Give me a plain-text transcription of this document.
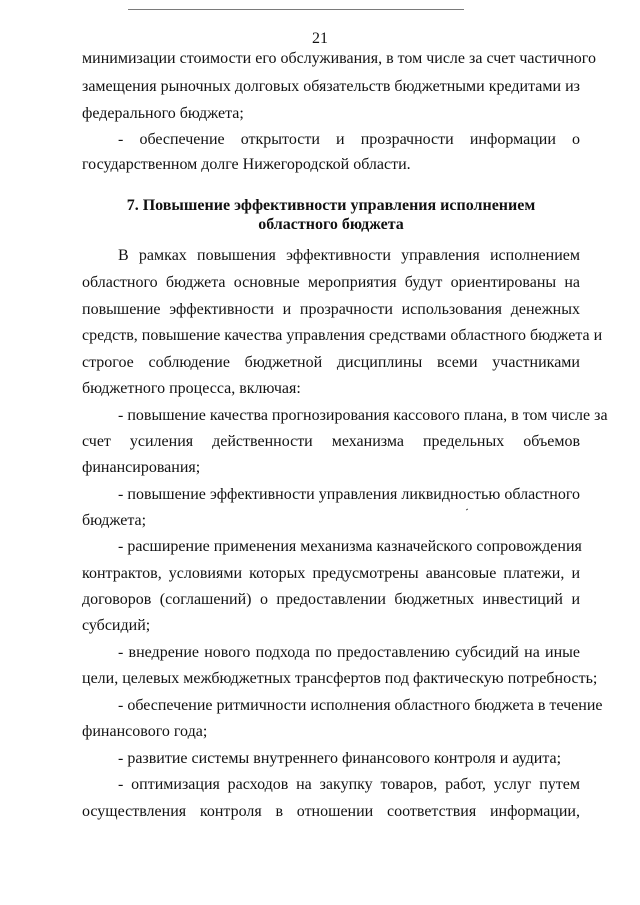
21
минимизации стоимости его обслуживания, в том числе за счет частичного
замещения рыночных долговых обязательств бюджетными кредитами из
федерального бюджета;
- обеспечение открытости и прозрачности информации о
государственном долге Нижегородской области.
7. Повышение эффективности управления исполнением
областного бюджета
В рамках повышения эффективности управления исполнением
областного бюджета основные мероприятия будут ориентированы на
повышение эффективности и прозрачности использования денежных
средств, повышение качества управления средствами областного бюджета и
строгое соблюдение бюджетной дисциплины всеми участниками
бюджетного процесса, включая:
- повышение качества прогнозирования кассового плана, в том числе за
счет усиления действенности механизма предельных объемов
финансирования;
- повышение эффективности управления ликвидностью областного
бюджета;
- расширение применения механизма казначейского сопровождения
контрактов, условиями которых предусмотрены авансовые платежи, и
договоров (соглашений) о предоставлении бюджетных инвестиций и
субсидий;
- внедрение нового подхода по предоставлению субсидий на иные
цели, целевых межбюджетных трансфертов под фактическую потребность;
- обеспечение ритмичности исполнения областного бюджета в течение
финансового года;
- развитие системы внутреннего финансового контроля и аудита;
- оптимизация расходов на закупку товаров, работ, услуг путем
осуществления контроля в отношении соответствия информации,
